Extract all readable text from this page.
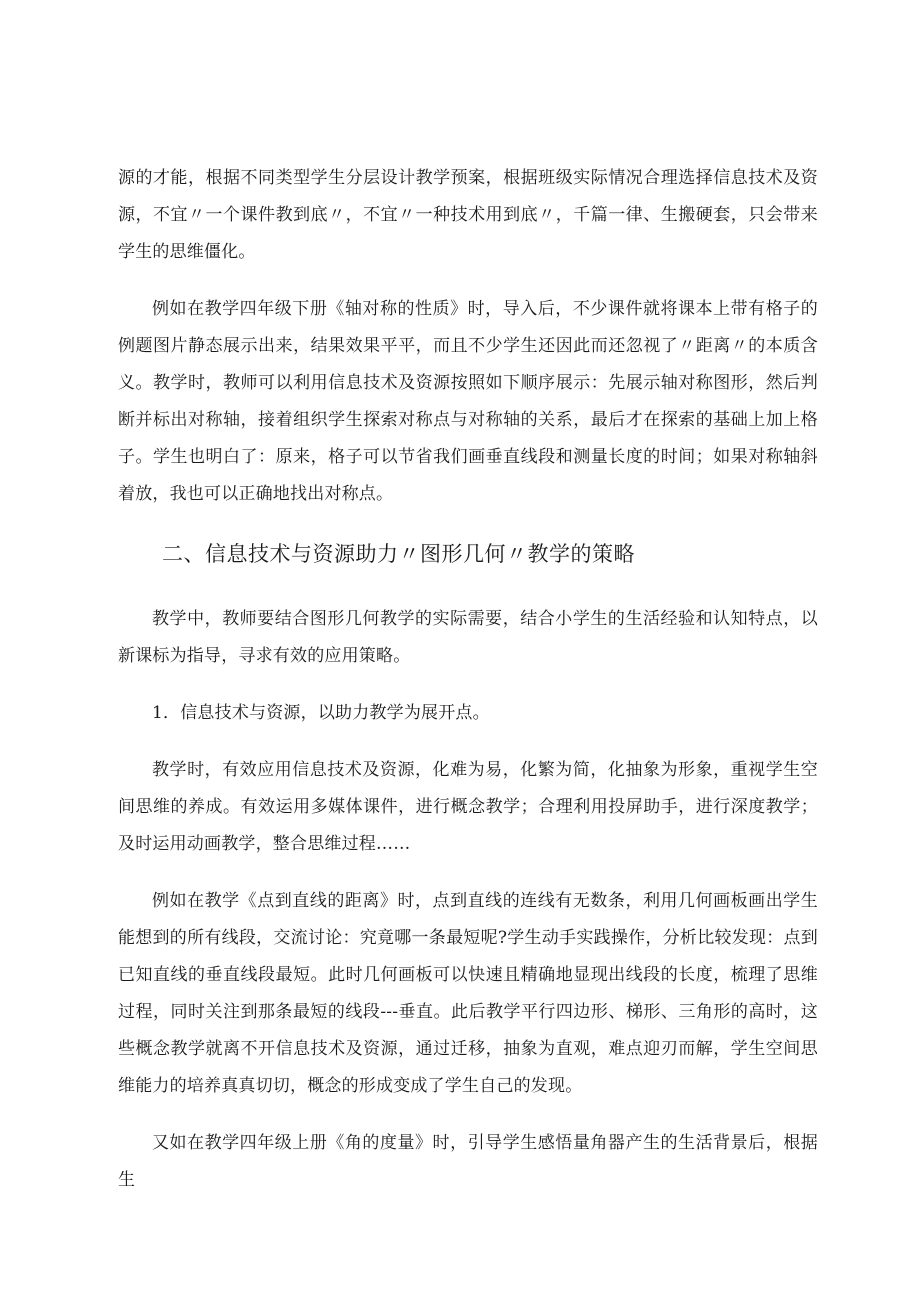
源的才能，根据不同类型学生分层设计教学预案，根据班级实际情况合理选择信息技术及资源，不宜〃一个课件教到底〃，不宜〃一种技术用到底〃，千篇一律、生搬硬套，只会带来学生的思维僵化。

例如在教学四年级下册《轴对称的性质》时，导入后，不少课件就将课本上带有格子的例题图片静态展示出来，结果效果平平，而且不少学生还因此而还忽视了〃距离〃的本质含义。教学时，教师可以利用信息技术及资源按照如下顺序展示：先展示轴对称图形，然后判断并标出对称轴，接着组织学生探索对称点与对称轴的关系，最后才在探索的基础上加上格子。学生也明白了：原来，格子可以节省我们画垂直线段和测量长度的时间；如果对称轴斜着放，我也可以正确地找出对称点。

二、信息技术与资源助力〃图形几何〃教学的策略

教学中，教师要结合图形几何教学的实际需要，结合小学生的生活经验和认知特点，以新课标为指导，寻求有效的应用策略。

1．信息技术与资源，以助力教学为展开点。

教学时，有效应用信息技术及资源，化难为易，化繁为简，化抽象为形象，重视学生空间思维的养成。有效运用多媒体课件，进行概念教学；合理利用投屏助手，进行深度教学；及时运用动画教学，整合思维过程……

例如在教学《点到直线的距离》时，点到直线的连线有无数条，利用几何画板画出学生能想到的所有线段，交流讨论：究竟哪一条最短呢?学生动手实践操作，分析比较发现：点到已知直线的垂直线段最短。此时几何画板可以快速且精确地显现出线段的长度，梳理了思维过程，同时关注到那条最短的线段---垂直。此后教学平行四边形、梯形、三角形的高时，这些概念教学就离不开信息技术及资源，通过迁移，抽象为直观，难点迎刃而解，学生空间思维能力的培养真真切切，概念的形成变成了学生自己的发现。

又如在教学四年级上册《角的度量》时，引导学生感悟量角器产生的生活背景后，根据生
